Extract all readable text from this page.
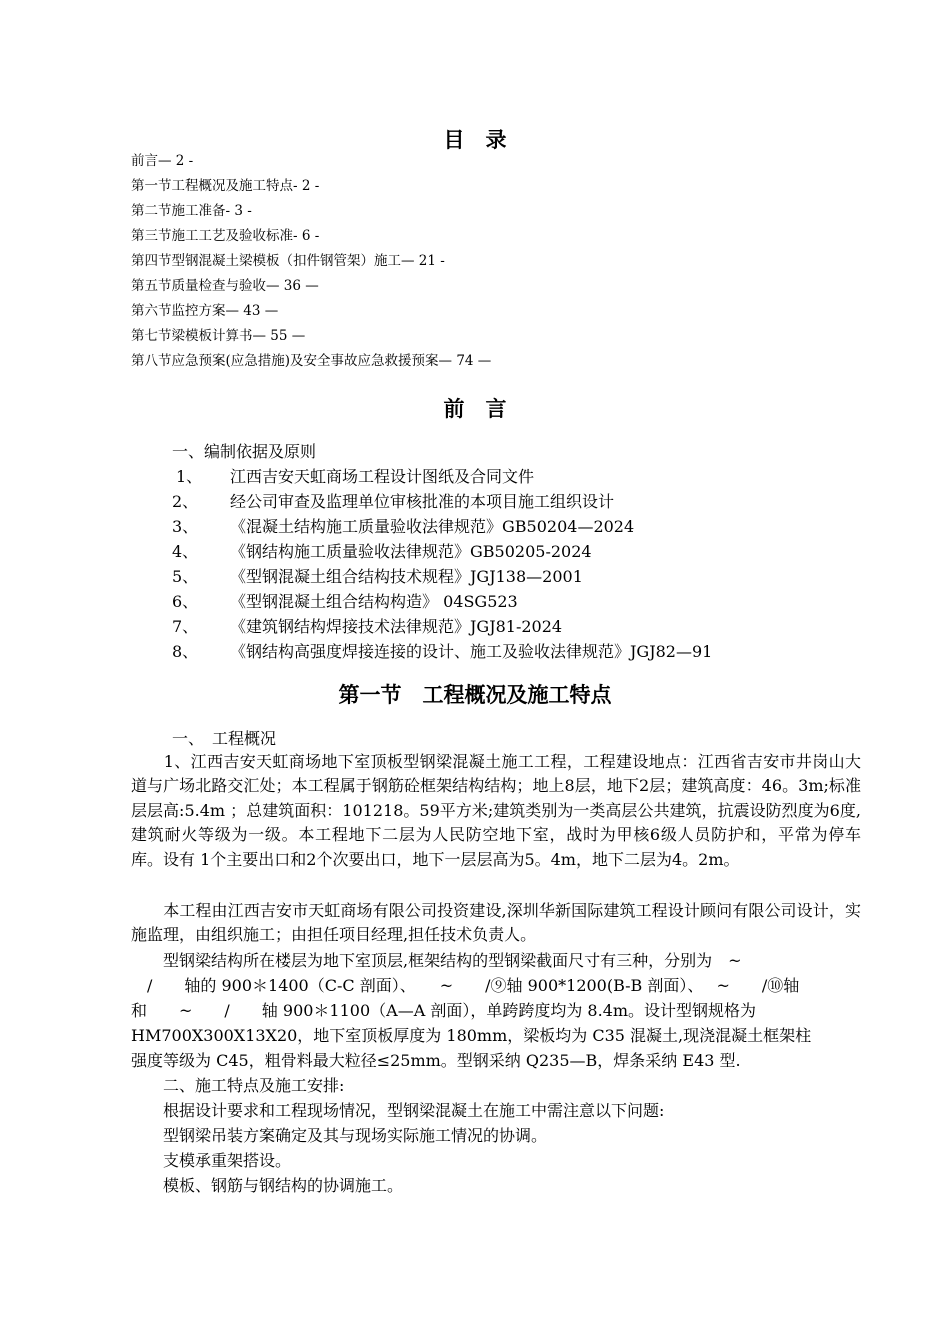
目　录
前言— 2 -
第一节工程概况及施工特点- 2 -
第二节施工准备- 3 -
第三节施工工艺及验收标准- 6 -
第四节型钢混凝土梁模板（扣件钢管架）施工— 21 -
第五节质量检查与验收— 36 —
第六节监控方案— 43 —
第七节梁模板计算书— 55 —
第八节应急预案(应急措施)及安全事故应急救援预案— 74 —
前　言
一、编制依据及原则
1、 江西吉安天虹商场工程设计图纸及合同文件
2、 经公司审查及监理单位审核批准的本项目施工组织设计
3、 《混凝土结构施工质量验收法律规范》GB50204—2024
4、 《钢结构施工质量验收法律规范》GB50205-2024
5、 《型钢混凝土组合结构技术规程》JGJ138—2001
6、 《型钢混凝土组合结构构造》 04SG523
7、 《建筑钢结构焊接技术法律规范》JGJ81-2024
8、 《钢结构高强度焊接连接的设计、施工及验收法律规范》JGJ82—91
第一节　工程概况及施工特点
一、　工程概况
　　1、江西吉安天虹商场地下室顶板型钢梁混凝土施工工程，工程建设地点：江西省吉安市井岗山大道与广场北路交汇处；本工程属于钢筋砼框架结构结构；地上8层，地下2层；建筑高度：46。3m;标准层层高:5.4m ；总建筑面积：101218。59平方米;建筑类别为一类高层公共建筑，抗震设防烈度为6度,建筑耐火等级为一级。本工程地下二层为人民防空地下室，战时为甲核6级人员防护和，平常为停车库。设有 1个主要出口和2个次要出口，地下一层层高为5。4m，地下二层为4。2m。
　　本工程由江西吉安市天虹商场有限公司投资建设,深圳华新国际建筑工程设计顾问有限公司设计，实施监理，由组织施工；由担任项目经理,担任技术负责人。
　　型钢梁结构所在楼层为地下室顶层,框架结构的型钢梁截面尺寸有三种，分别为　~
　/　　轴的 900＊1400（C-C 剖面）、　　~　　/⑨轴 900*1200(B-B 剖面）、　 ~　　/⑩轴
和　　~　　/　　轴 900＊1100（A—A 剖面），单跨跨度均为 8.4m。设计型钢规格为
HM700X300X13X20，地下室顶板厚度为 180mm，梁板均为 C35 混凝土,现浇混凝土框架柱
强度等级为 C45，粗骨料最大粒径≤25mm。型钢采纳 Q235—B，焊条采纳 E43 型.
　　二、施工特点及施工安排:
　　根据设计要求和工程现场情况，型钢梁混凝土在施工中需注意以下问题:
　　型钢梁吊装方案确定及其与现场实际施工情况的协调。
　　支模承重架搭设。
　　模板、钢筋与钢结构的协调施工。
